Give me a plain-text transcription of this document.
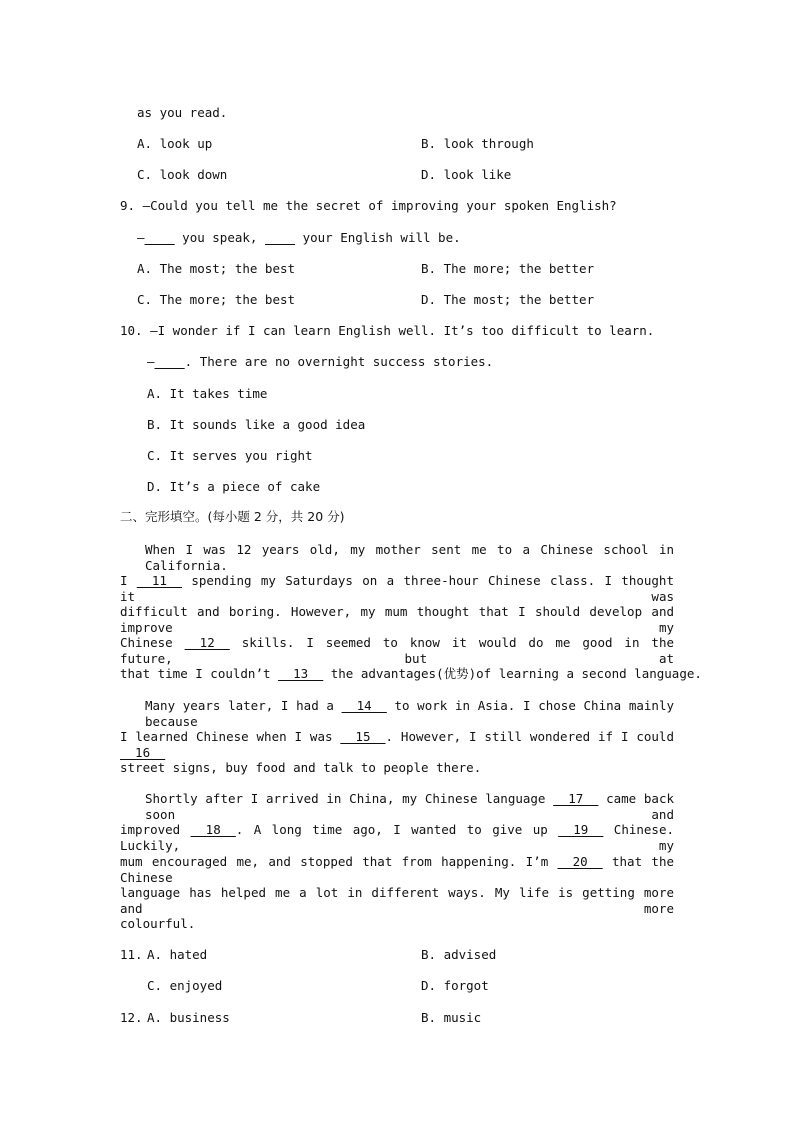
as you read.
A. look up	B. look through
C. look down	D. look like
9. —Could you tell me the secret of improving your spoken English?
—____ you speak, ____ your English will be.
A. The most; the best	B. The more; the better
C. The more; the best	D. The most; the better
10. —I wonder if I can learn English well. It’s too difficult to learn.
—____. There are no overnight success stories.
A. It takes time
B. It sounds like a good idea
C. It serves you right
D. It’s a piece of cake
二、完形填空。(每小题 2 分，共 20 分)
When I was 12 years old, my mother sent me to a Chinese school in California.
I __11__ spending my Saturdays on a three-hour Chinese class. I thought it was
difficult and boring. However, my mum thought that I should develop and improve my
Chinese __12__ skills. I seemed to know it would do me good in the future, but at
that time I couldn’t __13__ the advantages(优势)of learning a second language.
Many years later, I had a __14__ to work in Asia. I chose China mainly because
I learned Chinese when I was __15__. However, I still wondered if I could __16__
street signs, buy food and talk to people there.
Shortly after I arrived in China, my Chinese language __17__ came back soon and
improved __18__. A long time ago, I wanted to give up __19__ Chinese. Luckily, my
mum encouraged me, and stopped that from happening. I’m __20__ that the Chinese
language has helped me a lot in different ways. My life is getting more and more
colourful.
11. A. hated	B. advised
C. enjoyed	D. forgot
12. A. business	B. music
